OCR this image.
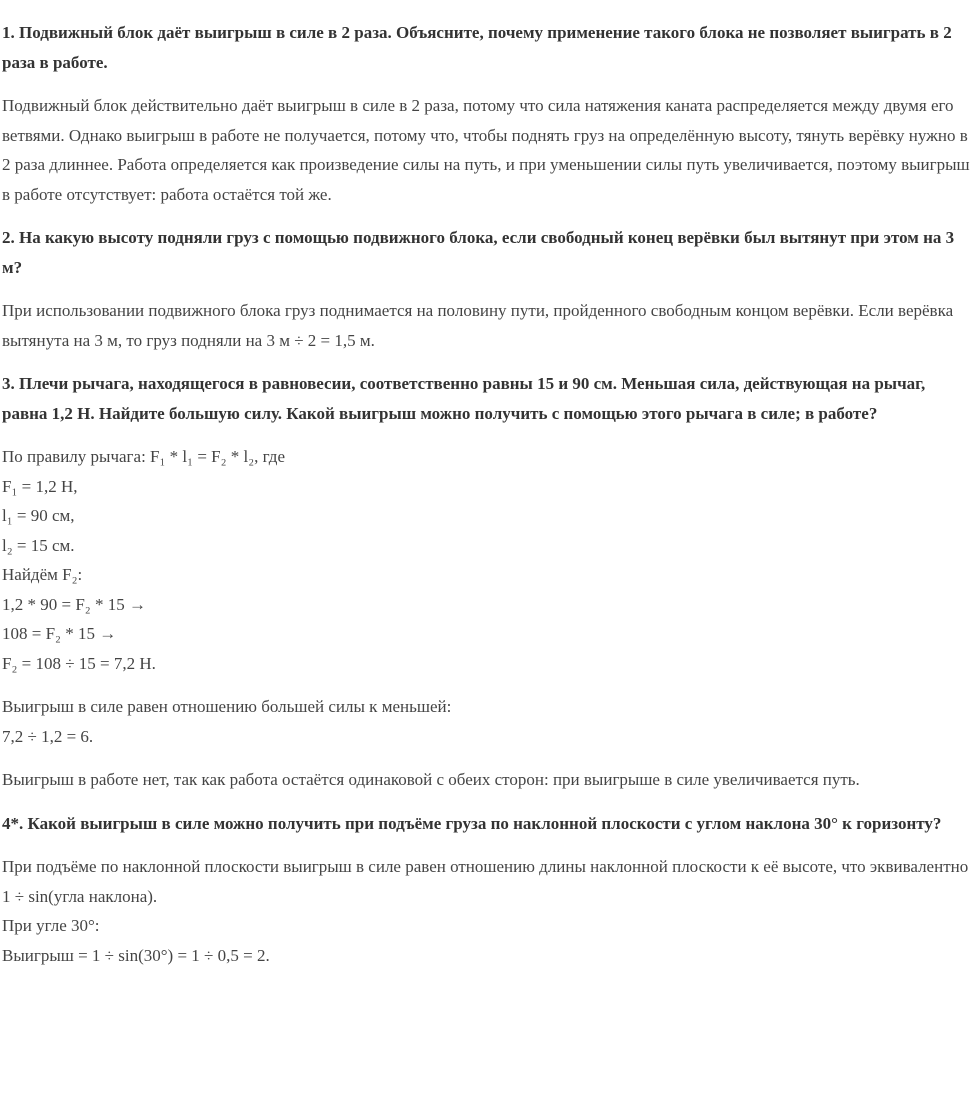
1. Подвижный блок даёт выигрыш в силе в 2 раза. Объясните, почему применение такого блока не позволяет выиграть в 2 раза в работе.

Подвижный блок действительно даёт выигрыш в силе в 2 раза, потому что сила натяжения каната распределяется между двумя его ветвями. Однако выигрыш в работе не получается, потому что, чтобы поднять груз на определённую высоту, тянуть верёвку нужно в 2 раза длиннее. Работа определяется как произведение силы на путь, и при уменьшении силы путь увеличивается, поэтому выигрыш в работе отсутствует: работа остаётся той же.

2. На какую высоту подняли груз с помощью подвижного блока, если свободный конец верёвки был вытянут при этом на 3 м?

При использовании подвижного блока груз поднимается на половину пути, пройденного свободным концом верёвки. Если верёвка вытянута на 3 м, то груз подняли на 3 м ÷ 2 = 1,5 м.

3. Плечи рычага, находящегося в равновесии, соответственно равны 15 и 90 см. Меньшая сила, действующая на рычаг, равна 1,2 Н. Найдите большую силу. Какой выигрыш можно получить с помощью этого рычага в силе; в работе?

По правилу рычага: F₁ * l₁ = F₂ * l₂, где
F₁ = 1,2 Н,
l₁ = 90 см,
l₂ = 15 см.
Найдём F₂:
1,2 * 90 = F₂ * 15 →
108 = F₂ * 15 →
F₂ = 108 ÷ 15 = 7,2 Н.

Выигрыш в силе равен отношению большей силы к меньшей:
7,2 ÷ 1,2 = 6.

Выигрыш в работе нет, так как работа остаётся одинаковой с обеих сторон: при выигрыше в силе увеличивается путь.

4*. Какой выигрыш в силе можно получить при подъёме груза по наклонной плоскости с углом наклона 30° к горизонту?

При подъёме по наклонной плоскости выигрыш в силе равен отношению длины наклонной плоскости к её высоте, что эквивалентно 1 ÷ sin(угла наклона).

При угле 30°:
Выигрыш = 1 ÷ sin(30°) = 1 ÷ 0,5 = 2.
